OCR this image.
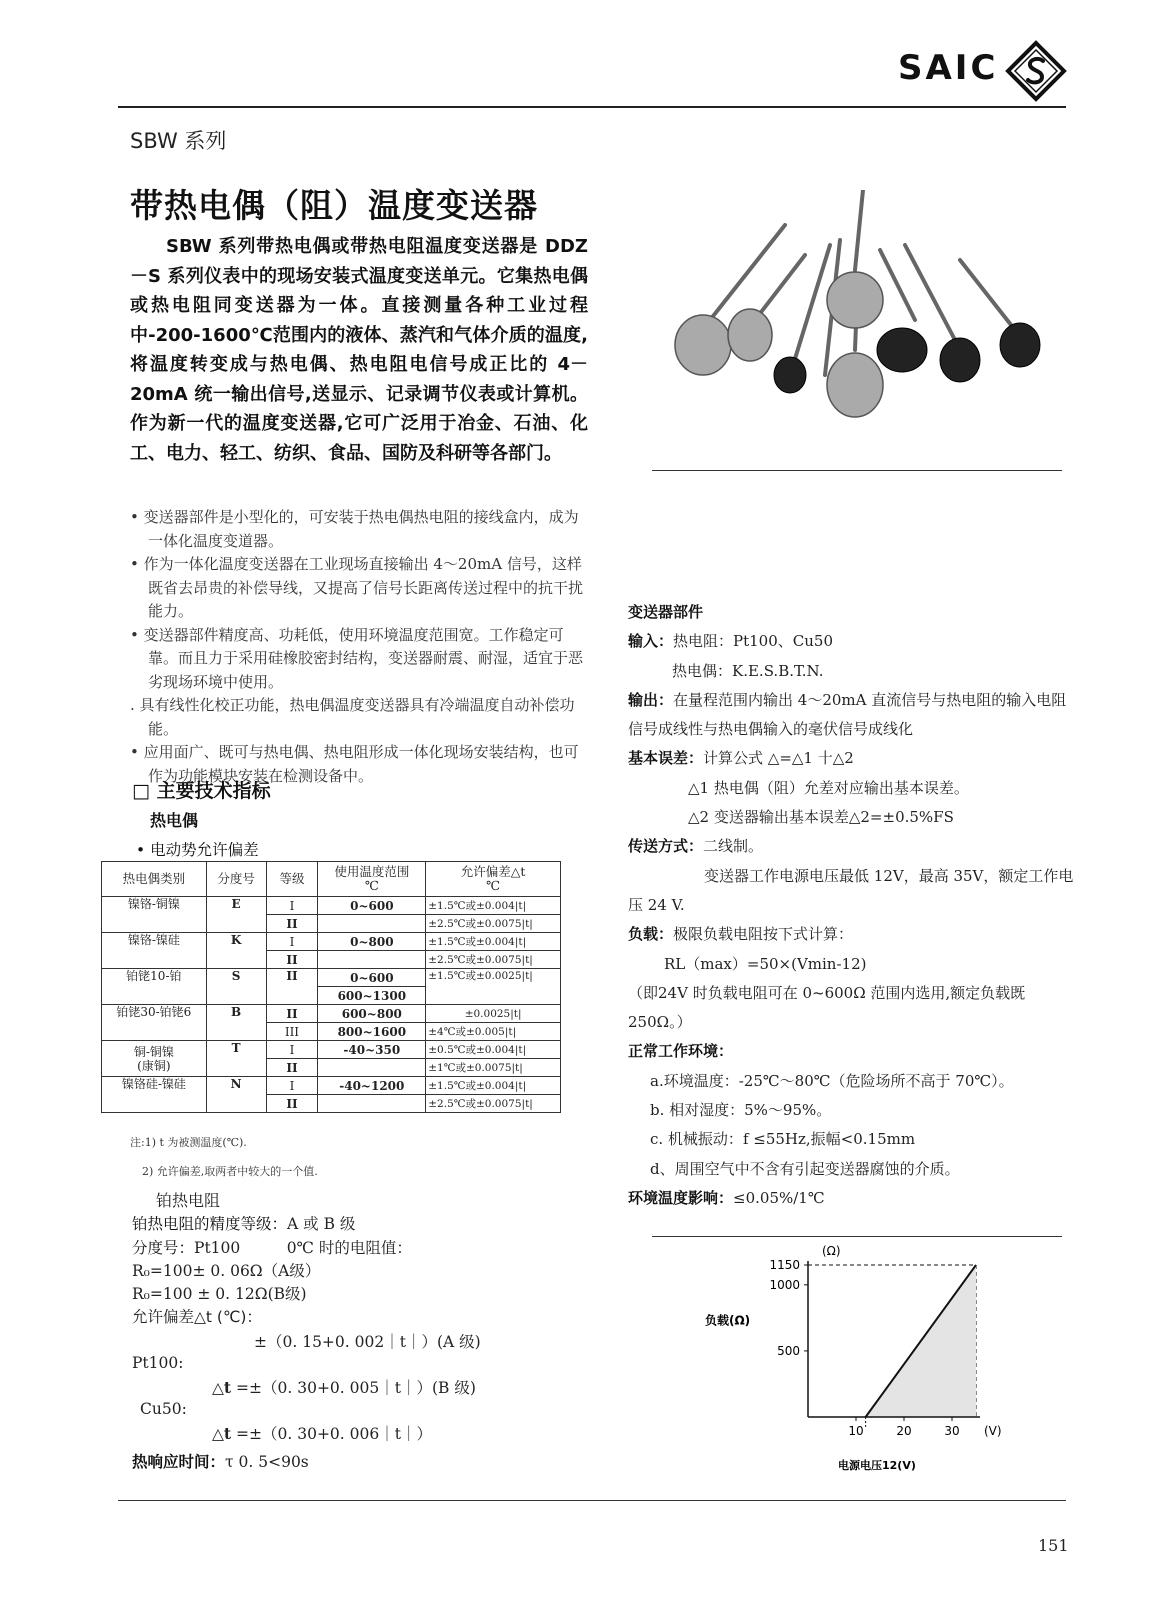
SAIC
SBW 系列
带热电偶（阻）温度变送器

SBW 系列带热电偶或带热电阻温度变送器是 DDZ－S 系列仪表中的现场安装式温度变送单元。它集热电偶或热电阻同变送器为一体。直接测量各种工业过程中-200-1600℃范围内的液体、蒸汽和气体介质的温度,将温度转变成与热电偶、热电阻电信号成正比的 4－20mA 统一输出信号,送显示、记录调节仪表或计算机。作为新一代的温度变送器,它可广泛用于冶金、石油、化工、电力、轻工、纺织、食品、国防及科研等各部门。

• 变送器部件是小型化的，可安装于热电偶热电阻的接线盒内，成为一体化温度变道器。

• 作为一体化温度变送器在工业现场直接输出 4～20mA 信号，这样既省去昂贵的补偿导线，又提高了信号长距离传送过程中的抗干扰能力。

• 变送器部件精度高、功耗低，使用环境温度范围宽。工作稳定可靠。而且力于采用硅橡胶密封结构，变送器耐震、耐湿，适宜于恶劣现场环境中使用。

. 具有线性化校正功能，热电偶温度变送器具有冷端温度自动补偿功能。

• 应用面广、既可与热电偶、热电阻形成一体化现场安装结构，也可作为功能模块安装在检测设备中。

□ 主要技术指标
热电偶
• 电动势允许偏差
热电偶类别	分度号	等级	使用温度范围
℃	允许偏差△t
℃
镍铬-铜镍	E	I	0~600	±1.5℃或±0.004|t|
		II		±2.5℃或±0.0075|t|
镍铬-镍硅	K	I	0~800	±1.5℃或±0.004|t|
		II		±2.5℃或±0.0075|t|
铂铑10-铂	S	II	0~600	±1.5℃或±0.0025|t|
			600~1300	
铂铑30-铂铑6	B	II	600~800	±0.0025|t|
		III	800~1600	±4℃或±0.005|t|
铜-铜镍
(康铜)	T	I	-40~350	±0.5℃或±0.004|t|
		II		±1℃或±0.0075|t|
镍铬硅-镍硅	N	I	-40~1200	±1.5℃或±0.004|t|
		II		±2.5℃或±0.0075|t|
注:1) t 为被测温度(℃).
2) 允许偏差,取两者中较大的一个值.
铂热电阻
铂热电阻的精度等级：A 或 B 级
分度号：Pt100　　　0℃ 时的电阻值：
R₀=100± 0. 06Ω（A级）
R₀=100 ± 0. 12Ω(B级)
允许偏差△t (℃)：
±（0. 15+0. 002｜t｜）(A 级)
Pt100:
△t =±（0. 30+0. 005｜t｜）(B 级)
Cu50:
△t =±（0. 30+0. 006｜t｜）
热响应时间：τ 0. 5<90s

变送器部件

输入：热电阻：Pt100、Cu50

热电偶：K.E.S.B.T.N.

输出：在量程范围内输出 4～20mA 直流信号与热电阻的输入电阻信号成线性与热电偶输入的毫伏信号成线化

基本误差：计算公式 △=△1 十△2

△1 热电偶（阻）允差对应输出基本误差。

△2 变送器输出基本误差△2=±0.5%FS

传送方式：二线制。

变送器工作电源电压最低 12V，最高 35V，额定工作电压 24 V.

负载：极限负载电阻按下式计算：

RL（max）=50×(Vmin-12)

（即24V 时负载电阻可在 0~600Ω 范围内选用,额定负载既 250Ω。）

正常工作环境：

a.环境温度：-25℃～80℃（危险场所不高于 70℃）。

b. 相对湿度：5%～95%。

c. 机械振动：f ≤55Hz,振幅<0.15mm

d、周围空气中不含有引起变送器腐蚀的介质。

环境温度影响：≤0.05%/1℃

10	20	30
500
1000
1150
(Ω)
(V)
负载(Ω)
电源电压12(V)
151
